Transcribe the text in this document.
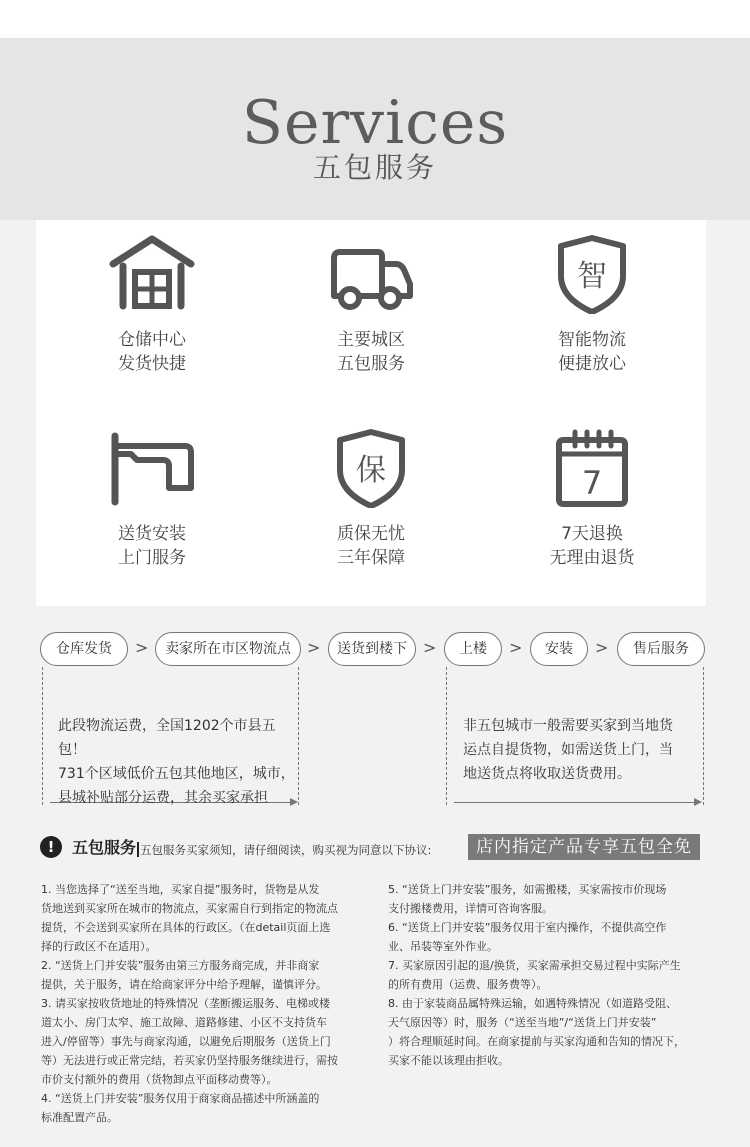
Services
五包服务
仓储中心
发货快捷
主要城区
五包服务
智
智能物流
便捷放心
送货安装
上门服务
保
质保无忧
三年保障
7
7天退换
无理由退货
仓库发货	>	卖家所在市区物流点	>	送货到楼下	>	上楼	>	安装	>	售后服务
此段物流运费，全国1202个市县五包！
731个区域低价五包其他地区，城市，
县城补贴部分运费，其余买家承担
非五包城市一般需要买家到当地货
运点自提货物，如需送货上门，当
地送货点将收取送货费用。
!	五包服务 五包服务买家须知，请仔细阅读，购买视为同意以下协议:	店内指定产品专享五包全免

1. 当您选择了“送至当地，买家自提”服务时，货物是从发

货地送到买家所在城市的物流点，买家需自行到指定的物流点

提货，不会送到买家所在具体的行政区。（在detail页面上选

择的行政区不在适用）。

2. “送货上门并安装”服务由第三方服务商完成，并非商家

提供，关于服务，请在给商家评分中给予理解，谨慎评分。

3. 请买家按收货地址的特殊情况（垄断搬运服务、电梯或楼

道太小、房门太窄、施工故障、道路修建、小区不支持货车

进入/停留等）事先与商家沟通，以避免后期服务（送货上门

等）无法进行或正常完结，若买家仍坚持服务继续进行，需按

市价支付额外的费用（货物卸点平面移动费等）。

4. “送货上门并安装”服务仅用于商家商品描述中所涵盖的

标准配置产品。

5. “送货上门并安装”服务，如需搬楼，买家需按市价现场

支付搬楼费用，详情可咨询客服。

6. “送货上门并安装”服务仅用于室内操作，不提供高空作

业、吊装等室外作业。

7. 买家原因引起的退/换货，买家需承担交易过程中实际产生

的所有费用（运费、服务费等）。

8. 由于家装商品属特殊运输，如遇特殊情况（如道路受阻、

天气原因等）时，服务（“送至当地”/“送货上门并安装”

）将合理顺延时间。在商家提前与买家沟通和告知的情况下，

买家不能以该理由拒收。
